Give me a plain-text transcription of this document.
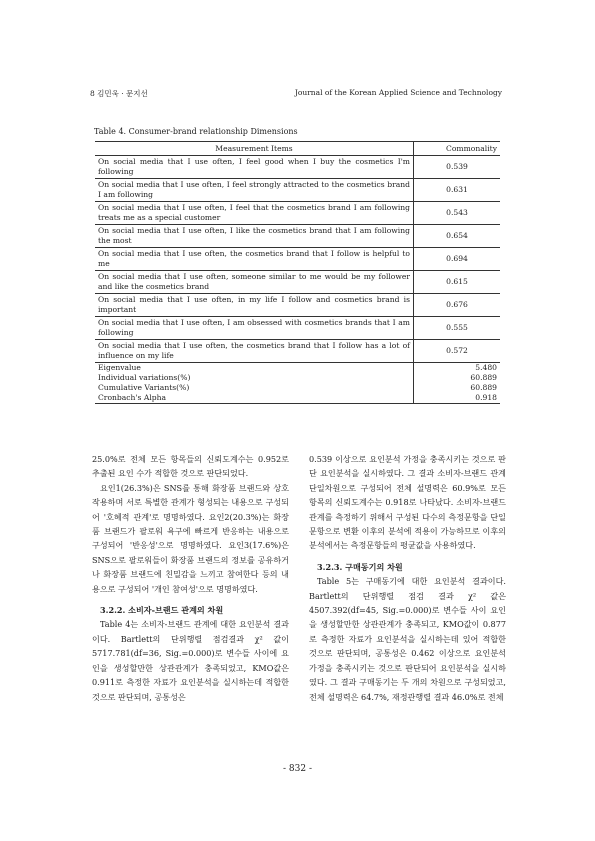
8 김민욱 · 문지선	Journal of the Korean Applied Science and Technology
Table 4. Consumer-brand relationship Dimensions
Measurement Items	Commonality
On social media that I use often, I feel good when I buy the cosmetics I'm following	0.539
On social media that I use often, I feel strongly attracted to the cosmetics brand I am following	0.631
On social media that I use often, I feel that the cosmetics brand I am following treats me as a special customer	0.543
On social media that I use often, I like the cosmetics brand that I am following the most	0.654
On social media that I use often, the cosmetics brand that I follow is helpful to me	0.694
On social media that I use often, someone similar to me would be my follower and like the cosmetics brand	0.615
On social media that I use often, in my life I follow and cosmetics brand is important	0.676
On social media that I use often, I am obsessed with cosmetics brands that I am following	0.555
On social media that I use often, the cosmetics brand that I follow has a lot of influence on my life	0.572
Eigenvalue	5.480
Individual variations(%)	60.889
Cumulative Variants(%)	60.889
Cronbach's Alpha	0.918

25.0%로 전체 모든 항목들의 신뢰도계수는 0.952로 추출된 요인 수가 적합한 것으로 판단되었다.

요인1(26.3%)은 SNS를 통해 화장품 브랜드와 상호작용하며 서로 특별한 관계가 형성되는 내용으로 구성되어 '호혜적 관계'로 명명하였다. 요인2(20.3%)는 화장품 브랜드가 팔로워 욕구에 빠르게 반응하는 내용으로 구성되어 '반응성'으로 명명하였다. 요인3(17.6%)은 SNS으로 팔로워들이 화장품 브랜드의 정보를 공유하거나 화장품 브랜드에 친밀감을 느끼고 참여한다 등의 내용으로 구성되어 '개인 참여성'으로 명명하였다.

3.2.2. 소비자-브랜드 관계의 차원

Table 4는 소비자-브랜드 관계에 대한 요인분석 결과이다. Bartlett의 단위행렬 점검결과 χ² 값이 5717.781(df=36, Sig.=0.000)로 변수들 사이에 요인을 생성할만한 상관관계가 충족되었고, KMO값은 0.911로 측정한 자료가 요인분석을 실시하는데 적합한 것으로 판단되며, 공통성은

0.539 이상으로 요인분석 가정을 충족시키는 것으로 판단 요인분석을 실시하였다. 그 결과 소비자-브랜드 관계 단일차원으로 구성되어 전체 설명력은 60.9%로 모든 항목의 신뢰도계수는 0.918로 나타났다. 소비자-브랜드 관계를 측정하기 위해서 구성된 다수의 측정문항을 단일문항으로 변환 이후의 분석에 적용이 가능하므로 이후의 분석에서는 측정문항들의 평균값을 사용하였다.

3.2.3. 구매동기의 차원

Table 5는 구매동기에 대한 요인분석 결과이다. Bartlett의 단위행렬 점검 결과 χ² 값은 4507.392(df=45, Sig.=0.000)로 변수들 사이 요인을 생성할만한 상관관계가 충족되고, KMO값이 0.877로 측정한 자료가 요인분석을 실시하는데 있어 적합한 것으로 판단되며, 공통성은 0.462 이상으로 요인분석 가정을 충족시키는 것으로 판단되어 요인분석을 실시하였다. 그 결과 구매동기는 두 개의 차원으로 구성되었고, 전체 설명력은 64.7%, 재정관행렬 결과 46.0%로 전체

- 832 -
